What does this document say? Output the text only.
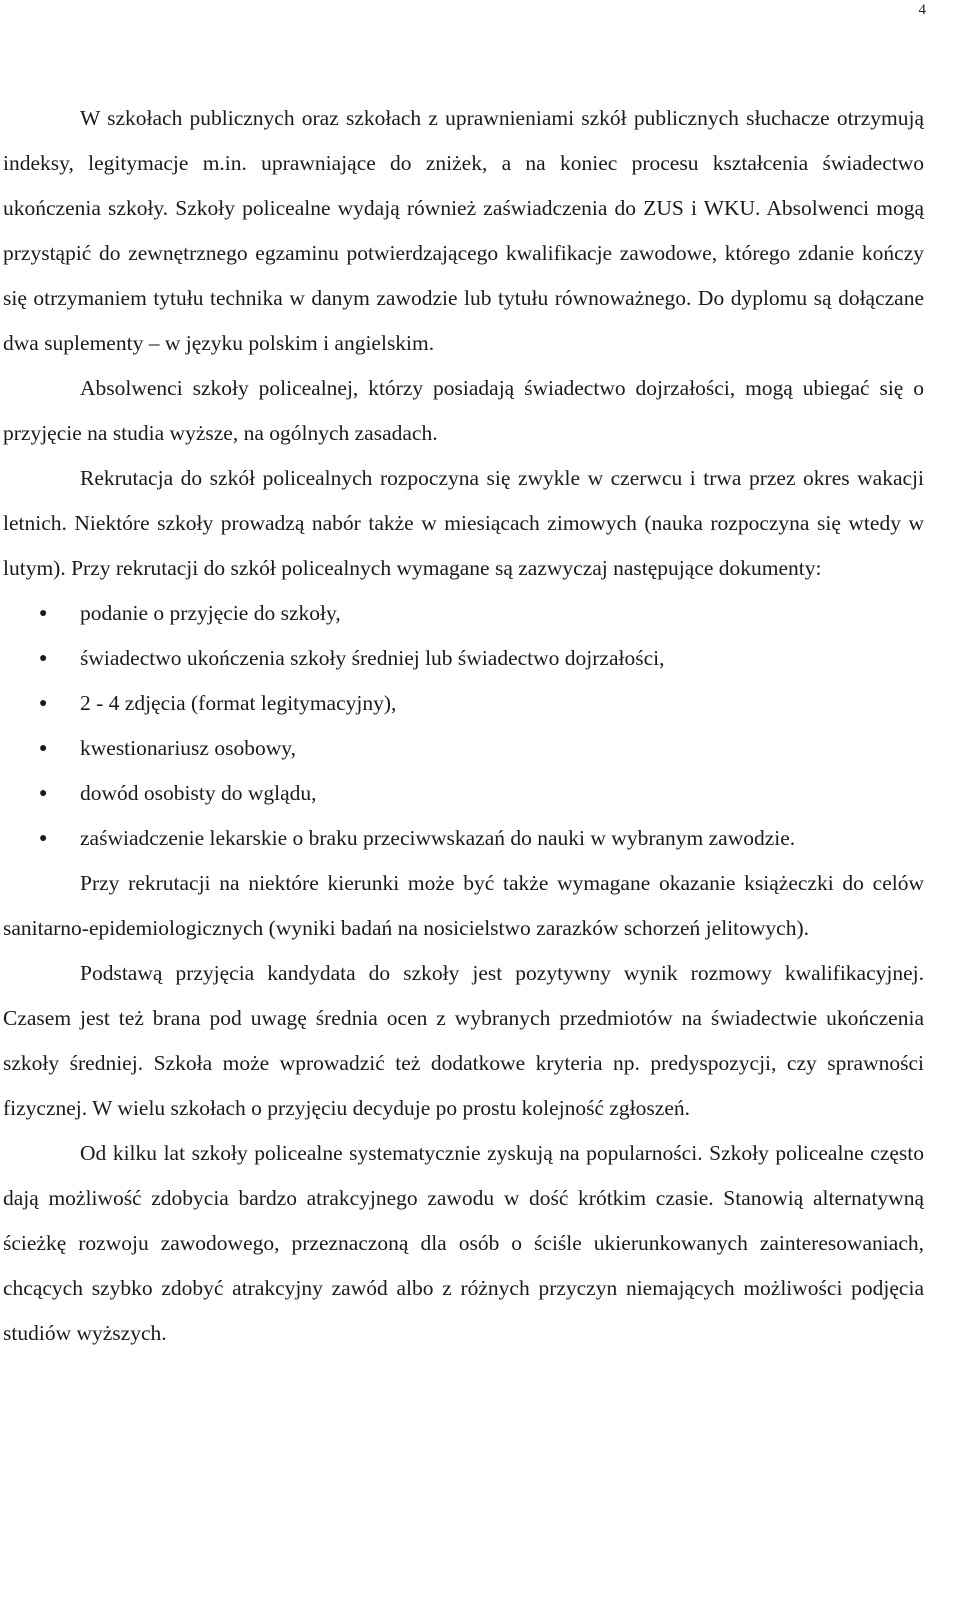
4

W szkołach publicznych oraz szkołach z uprawnieniami szkół publicznych słuchacze otrzymują indeksy, legitymacje m.in. uprawniające do zniżek, a na koniec procesu kształcenia świadectwo ukończenia szkoły. Szkoły policealne wydają również zaświadczenia do ZUS i WKU. Absolwenci mogą przystąpić do zewnętrznego egzaminu potwierdzającego kwalifikacje zawodowe, którego zdanie kończy się otrzymaniem tytułu technika w danym zawodzie lub tytułu równoważnego. Do dyplomu są dołączane dwa suplementy – w języku polskim i angielskim.

Absolwenci szkoły policealnej, którzy posiadają świadectwo dojrzałości, mogą ubiegać się o przyjęcie na studia wyższe, na ogólnych zasadach.

Rekrutacja do szkół policealnych rozpoczyna się zwykle w czerwcu i trwa przez okres wakacji letnich. Niektóre szkoły prowadzą nabór także w miesiącach zimowych (nauka rozpoczyna się wtedy w lutym). Przy rekrutacji do szkół policealnych wymagane są zazwyczaj następujące dokumenty:

● podanie o przyjęcie do szkoły,
● świadectwo ukończenia szkoły średniej lub świadectwo dojrzałości,
● 2 - 4 zdjęcia (format legitymacyjny),
● kwestionariusz osobowy,
● dowód osobisty do wglądu,
● zaświadczenie lekarskie o braku przeciwwskazań do nauki w wybranym zawodzie.

Przy rekrutacji na niektóre kierunki może być także wymagane okazanie książeczki do celów sanitarno-epidemiologicznych (wyniki badań na nosicielstwo zarazków schorzeń jelitowych).

Podstawą przyjęcia kandydata do szkoły jest pozytywny wynik rozmowy kwalifikacyjnej. Czasem jest też brana pod uwagę średnia ocen z wybranych przedmiotów na świadectwie ukończenia szkoły średniej. Szkoła może wprowadzić też dodatkowe kryteria np. predyspozycji, czy sprawności fizycznej. W wielu szkołach o przyjęciu decyduje po prostu kolejność zgłoszeń.

Od kilku lat szkoły policealne systematycznie zyskują na popularności. Szkoły policealne często dają możliwość zdobycia bardzo atrakcyjnego zawodu w dość krótkim czasie. Stanowią alternatywną ścieżkę rozwoju zawodowego, przeznaczoną dla osób o ściśle ukierunkowanych zainteresowaniach, chcących szybko zdobyć atrakcyjny zawód albo z różnych przyczyn niemających możliwości podjęcia studiów wyższych.
